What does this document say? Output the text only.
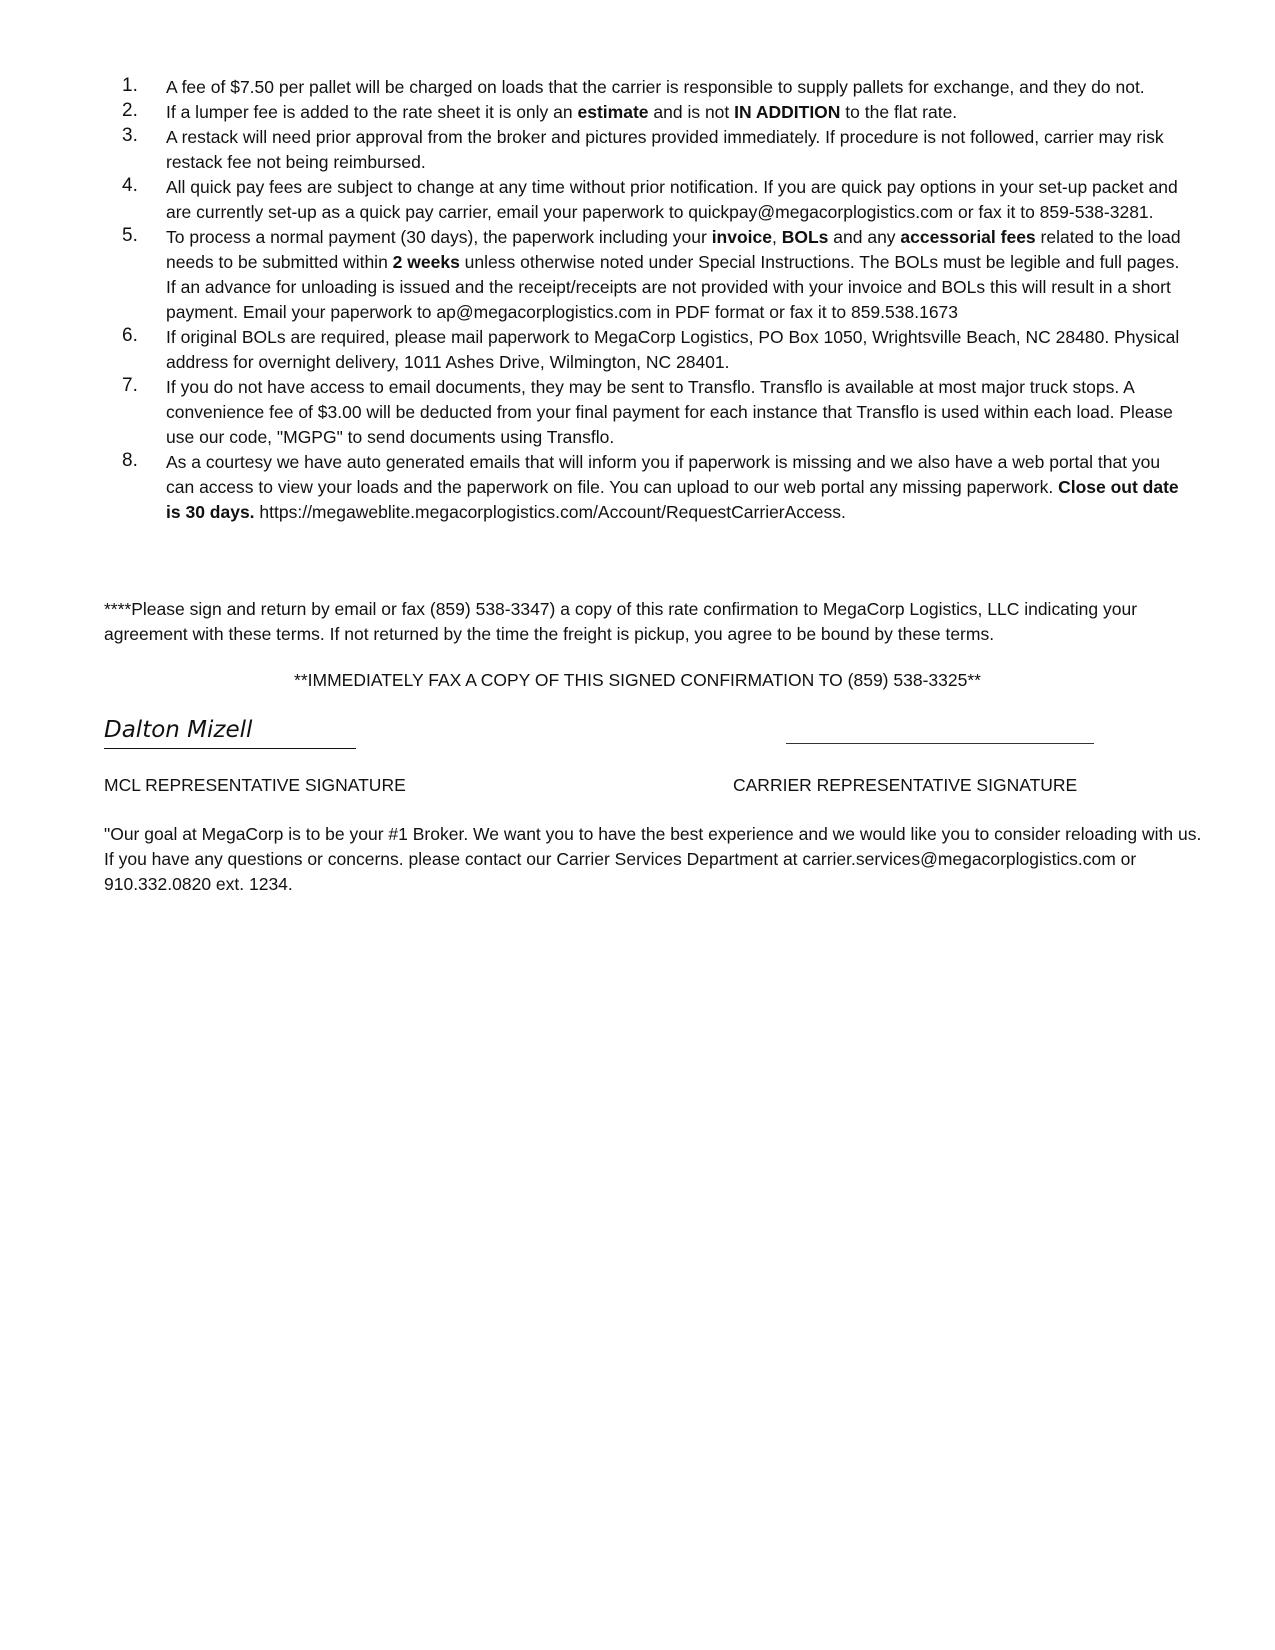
1. A fee of $7.50 per pallet will be charged on loads that the carrier is responsible to supply pallets for exchange, and they do not.
2. If a lumper fee is added to the rate sheet it is only an estimate and is not IN ADDITION to the flat rate.
3. A restack will need prior approval from the broker and pictures provided immediately. If procedure is not followed, carrier may risk restack fee not being reimbursed.
4. All quick pay fees are subject to change at any time without prior notification. If you are quick pay options in your set-up packet and are currently set-up as a quick pay carrier, email your paperwork to quickpay@megacorplogistics.com or fax it to 859-538-3281.
5. To process a normal payment (30 days), the paperwork including your invoice, BOLs and any accessorial fees related to the load needs to be submitted within 2 weeks unless otherwise noted under Special Instructions. The BOLs must be legible and full pages. If an advance for unloading is issued and the receipt/receipts are not provided with your invoice and BOLs this will result in a short payment. Email your paperwork to ap@megacorplogistics.com in PDF format or fax it to 859.538.1673
6. If original BOLs are required, please mail paperwork to MegaCorp Logistics, PO Box 1050, Wrightsville Beach, NC 28480. Physical address for overnight delivery, 1011 Ashes Drive, Wilmington, NC 28401.
7. If you do not have access to email documents, they may be sent to Transflo. Transflo is available at most major truck stops. A convenience fee of $3.00 will be deducted from your final payment for each instance that Transflo is used within each load. Please use our code, "MGPG" to send documents using Transflo.
8. As a courtesy we have auto generated emails that will inform you if paperwork is missing and we also have a web portal that you can access to view your loads and the paperwork on file. You can upload to our web portal any missing paperwork. Close out date is 30 days. https://megaweblite.megacorplogistics.com/Account/RequestCarrierAccess.

****Please sign and return by email or fax (859) 538-3347) a copy of this rate confirmation to MegaCorp Logistics, LLC indicating your agreement with these terms. If not returned by the time the freight is pickup, you agree to be bound by these terms.

**IMMEDIATELY FAX A COPY OF THIS SIGNED CONFIRMATION TO (859) 538-3325**
Dalton Mizell
MCL REPRESENTATIVE SIGNATURE	CARRIER REPRESENTATIVE SIGNATURE

"Our goal at MegaCorp is to be your #1 Broker. We want you to have the best experience and we would like you to consider reloading with us. If you have any questions or concerns. please contact our Carrier Services Department at carrier.services@megacorplogistics.com or 910.332.0820 ext. 1234.
